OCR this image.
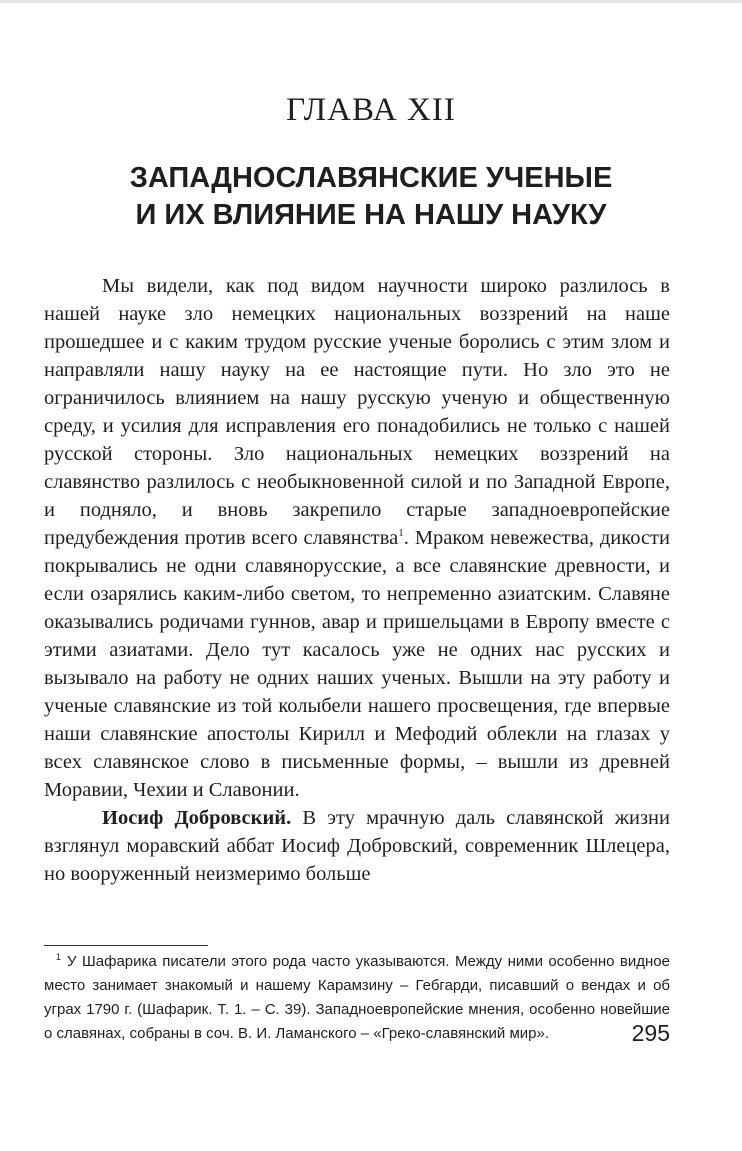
ГЛАВА XII
ЗАПАДНОСЛАВЯНСКИЕ УЧЕНЫЕ
И ИХ ВЛИЯНИЕ НА НАШУ НАУКУ

Мы видели, как под видом научности широко разлилось в нашей науке зло немецких национальных воззрений на наше прошедшее и с каким трудом русские ученые боролись с этим злом и направляли нашу науку на ее настоящие пути. Но зло это не ограничилось влиянием на нашу русскую ученую и общественную среду, и усилия для исправления его понадобились не только с нашей русской стороны. Зло национальных немецких воззрений на славянство разлилось с необыкновенной силой и по Западной Европе, и подняло, и вновь закрепило старые западноевропейские предубеждения против всего славянства$^1$. Мраком невежества, дикости покрывались не одни славянорусские, а все славянские древности, и если озарялись каким-либо светом, то непременно азиатским. Славяне оказывались родичами гуннов, авар и пришельцами в Европу вместе с этими азиатами. Дело тут касалось уже не одних нас русских и вызывало на работу не одних наших ученых. Вышли на эту работу и ученые славянские из той колыбели нашего просвещения, где впервые наши славянские апостолы Кирилл и Мефодий облекли на глазах у всех славянское слово в письменные формы, – вышли из древней Моравии, Чехии и Славонии.

Иосиф Добровский. В эту мрачную даль славянской жизни взглянул моравский аббат Иосиф Добровский, современник Шлецера, но вооруженный неизмеримо больше

$^1$ У Шафарика писатели этого рода часто указываются. Между ними особенно видное место занимает знакомый и нашему Карамзину – Гебгарди, писавший о вендах и об уграх 1790 г. (Шафарик. Т. 1. – С. 39). Западноевропейские мнения, особенно новейшие о славянах, собраны в соч. В. И. Ламанского – «Греко-славянский мир».	295
